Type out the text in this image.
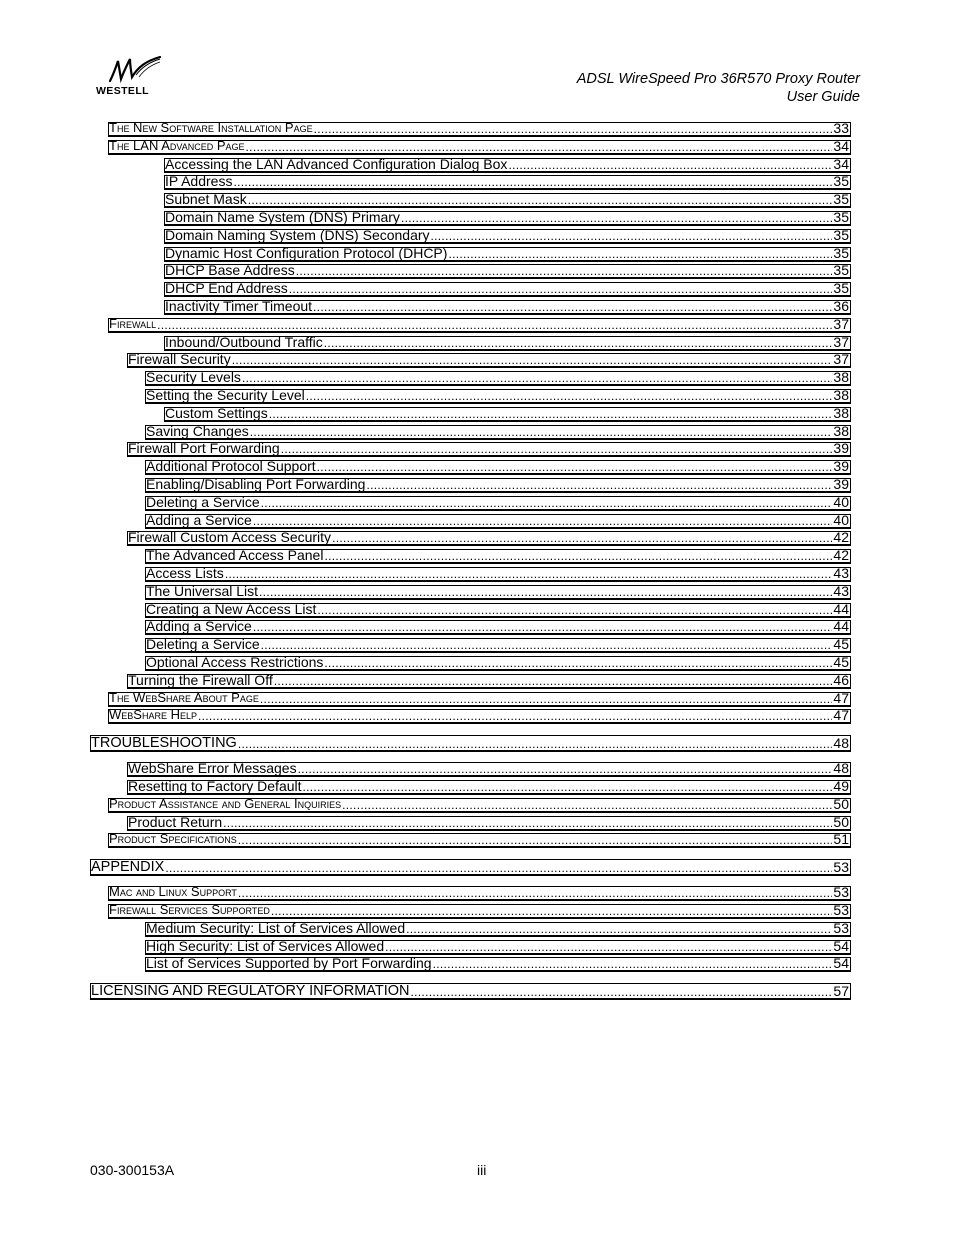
WESTELL
ADSL WireSpeed Pro 36R570 Proxy Router
User Guide
The New Software Installation Page .....	33
The LAN Advanced Page .....	34
Accessing the LAN Advanced Configuration Dialog Box .....	34
IP Address .....	35
Subnet Mask .....	35
Domain Name System (DNS) Primary .....	35
Domain Naming System (DNS) Secondary .....	35
Dynamic Host Configuration Protocol (DHCP) .....	35
DHCP Base Address .....	35
DHCP End Address .....	35
Inactivity Timer Timeout .....	36
Firewall .....	37
Inbound/Outbound Traffic .....	37
Firewall Security .....	37
Security Levels .....	38
Setting the Security Level .....	38
Custom Settings .....	38
Saving Changes .....	38
Firewall Port Forwarding .....	39
Additional Protocol Support .....	39
Enabling/Disabling Port Forwarding .....	39
Deleting a Service .....	40
Adding a Service .....	40
Firewall Custom Access Security .....	42
The Advanced Access Panel .....	42
Access Lists .....	43
The Universal List .....	43
Creating a New Access List .....	44
Adding a Service .....	44
Deleting a Service .....	45
Optional Access Restrictions .....	45
Turning the Firewall Off .....	46
The WebShare About Page .....	47
WebShare Help .....	47
TROUBLESHOOTING .....	48
WebShare Error Messages .....	48
Resetting to Factory Default .....	49
Product Assistance and General Inquiries .....	50
Product Return .....	50
Product Specifications .....	51
APPENDIX .....	53
Mac and Linux Support .....	53
Firewall Services Supported .....	53
Medium Security: List of Services Allowed .....	53
High Security: List of Services Allowed .....	54
List of Services Supported by Port Forwarding .....	54
LICENSING AND REGULATORY INFORMATION .....	57
030-300153A	iii
